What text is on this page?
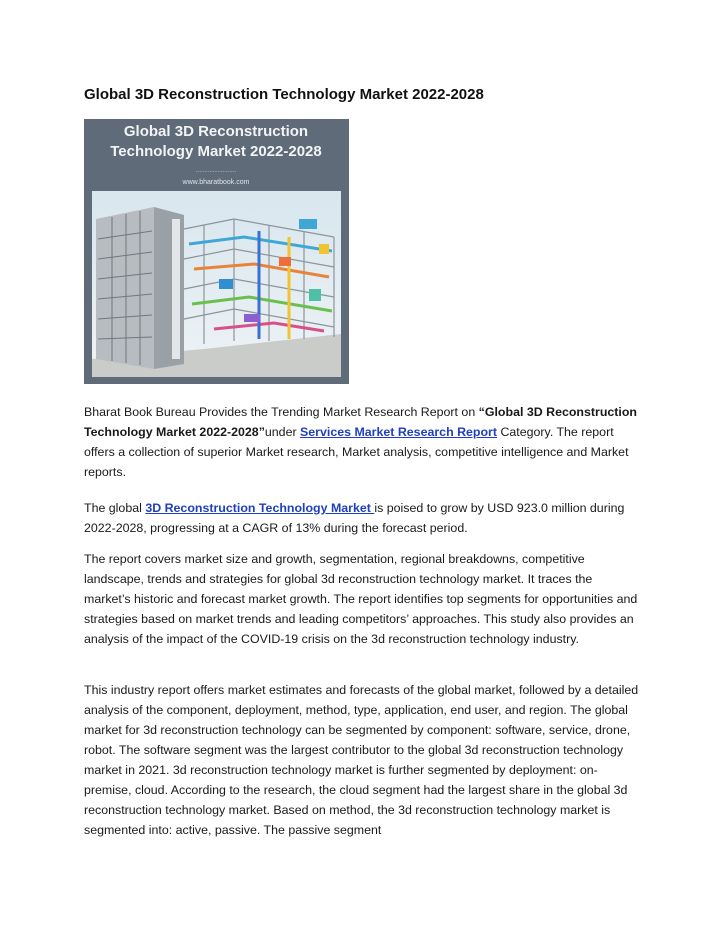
Global 3D Reconstruction Technology Market 2022-2028
Global 3D Reconstruction
Technology Market 2022-2028
........................
www.bharatbook.com
Bharat Book Bureau Provides the Trending Market Research Report on “Global 3D Reconstruction Technology Market 2022-2028”under Services Market Research Report Category. The report offers a collection of superior Market research, Market analysis, competitive intelligence and Market reports.
The global 3D Reconstruction Technology Market is poised to grow by USD 923.0 million during 2022-2028, progressing at a CAGR of 13% during the forecast period.
The report covers market size and growth, segmentation, regional breakdowns, competitive landscape, trends and strategies for global 3d reconstruction technology market. It traces the market’s historic and forecast market growth. The report identifies top segments for opportunities and strategies based on market trends and leading competitors’ approaches. This study also provides an analysis of the impact of the COVID-19 crisis on the 3d reconstruction technology industry.
This industry report offers market estimates and forecasts of the global market, followed by a detailed analysis of the component, deployment, method, type, application, end user, and region. The global market for 3d reconstruction technology can be segmented by component: software, service, drone, robot. The software segment was the largest contributor to the global 3d reconstruction technology market in 2021. 3d reconstruction technology market is further segmented by deployment: on-premise, cloud. According to the research, the cloud segment had the largest share in the global 3d reconstruction technology market. Based on method, the 3d reconstruction technology market is segmented into: active, passive. The passive segment
